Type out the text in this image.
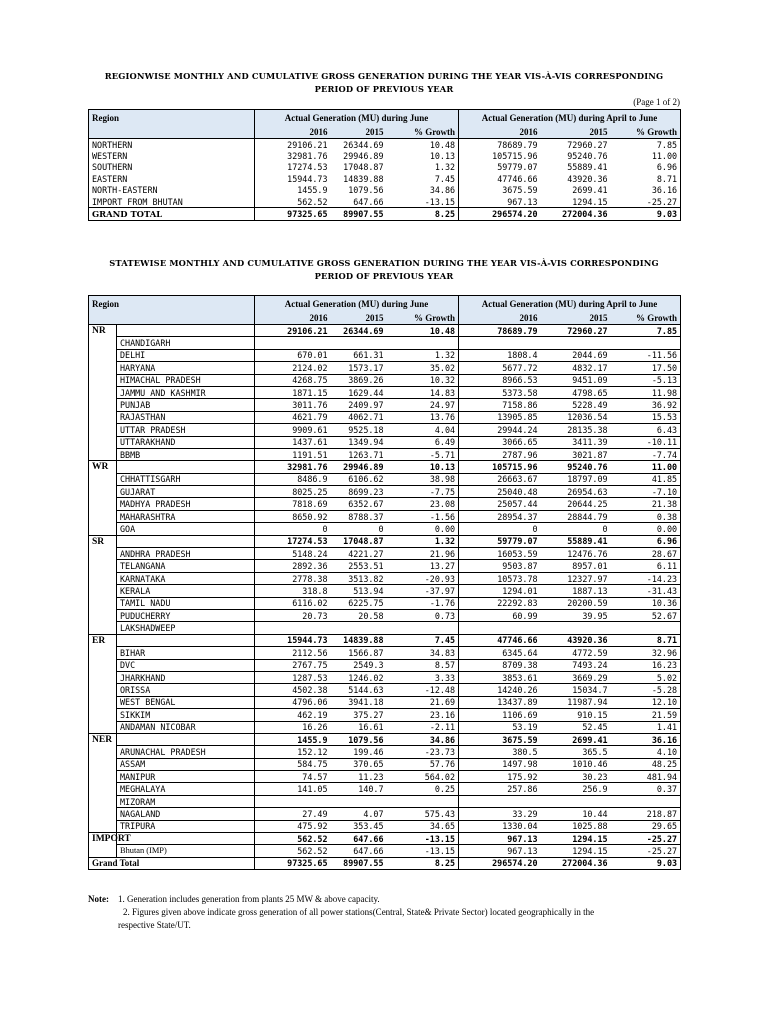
REGIONWISE MONTHLY AND CUMULATIVE GROSS GENERATION DURING THE YEAR VIS-À-VIS CORRESPONDING
PERIOD OF PREVIOUS YEAR
(Page 1 of 2)
Region	Actual Generation (MU) during June			Actual Generation (MU) during April to June		
	2016	2015	% Growth	2016	2015	% Growth
NORTHERN	29106.21	26344.69	10.48	78689.79	72960.27	7.85
WESTERN	32981.76	29946.89	10.13	105715.96	95240.76	11.00
SOUTHERN	17274.53	17048.87	1.32	59779.07	55889.41	6.96
EASTERN	15944.73	14839.88	7.45	47746.66	43920.36	8.71
NORTH-EASTERN	1455.9	1079.56	34.86	3675.59	2699.41	36.16
IMPORT FROM BHUTAN	562.52	647.66	-13.15	967.13	1294.15	-25.27
GRAND TOTAL	97325.65	89907.55	8.25	296574.20	272004.36	9.03
STATEWISE MONTHLY AND CUMULATIVE GROSS GENERATION DURING THE YEAR VIS-À-VIS CORRESPONDING
PERIOD OF PREVIOUS YEAR
Region		Actual Generation (MU) during June			Actual Generation (MU) during April to June		
		2016	2015	% Growth	2016	2015	% Growth
NR		29106.21	26344.69	10.48	78689.79	72960.27	7.85
	CHANDIGARH						
	DELHI	670.01	661.31	1.32	1808.4	2044.69	-11.56
	HARYANA	2124.02	1573.17	35.02	5677.72	4832.17	17.50
	HIMACHAL PRADESH	4268.75	3869.26	10.32	8966.53	9451.09	-5.13
	JAMMU AND KASHMIR	1871.15	1629.44	14.83	5373.58	4798.65	11.98
	PUNJAB	3011.76	2409.97	24.97	7158.86	5228.49	36.92
	RAJASTHAN	4621.79	4062.71	13.76	13905.85	12036.54	15.53
	UTTAR PRADESH	9909.61	9525.18	4.04	29944.24	28135.38	6.43
	UTTARAKHAND	1437.61	1349.94	6.49	3066.65	3411.39	-10.11
	BBMB	1191.51	1263.71	-5.71	2787.96	3021.87	-7.74
WR		32981.76	29946.89	10.13	105715.96	95240.76	11.00
	CHHATTISGARH	8486.9	6106.62	38.98	26663.67	18797.09	41.85
	GUJARAT	8025.25	8699.23	-7.75	25040.48	26954.63	-7.10
	MADHYA PRADESH	7818.69	6352.67	23.08	25057.44	20644.25	21.38
	MAHARASHTRA	8650.92	8788.37	-1.56	28954.37	28844.79	0.38
	GOA	0	0	0.00	0	0	0.00
SR		17274.53	17048.87	1.32	59779.07	55889.41	6.96
	ANDHRA PRADESH	5148.24	4221.27	21.96	16053.59	12476.76	28.67
	TELANGANA	2892.36	2553.51	13.27	9503.87	8957.01	6.11
	KARNATAKA	2778.38	3513.82	-20.93	10573.78	12327.97	-14.23
	KERALA	318.8	513.94	-37.97	1294.01	1887.13	-31.43
	TAMIL NADU	6116.02	6225.75	-1.76	22292.83	20200.59	10.36
	PUDUCHERRY	20.73	20.58	0.73	60.99	39.95	52.67
	LAKSHADWEEP						
ER		15944.73	14839.88	7.45	47746.66	43920.36	8.71
	BIHAR	2112.56	1566.87	34.83	6345.64	4772.59	32.96
	DVC	2767.75	2549.3	8.57	8709.38	7493.24	16.23
	JHARKHAND	1287.53	1246.02	3.33	3853.61	3669.29	5.02
	ORISSA	4502.38	5144.63	-12.48	14240.26	15034.7	-5.28
	WEST BENGAL	4796.06	3941.18	21.69	13437.89	11987.94	12.10
	SIKKIM	462.19	375.27	23.16	1106.69	910.15	21.59
	ANDAMAN NICOBAR	16.26	16.61	-2.11	53.19	52.45	1.41
NER		1455.9	1079.56	34.86	3675.59	2699.41	36.16
	ARUNACHAL PRADESH	152.12	199.46	-23.73	380.5	365.5	4.10
	ASSAM	584.75	370.65	57.76	1497.98	1010.46	48.25
	MANIPUR	74.57	11.23	564.02	175.92	30.23	481.94
	MEGHALAYA	141.05	140.7	0.25	257.86	256.9	0.37
	MIZORAM						
	NAGALAND	27.49	4.07	575.43	33.29	10.44	218.87
	TRIPURA	475.92	353.45	34.65	1330.04	1025.88	29.65
IMPORT		562.52	647.66	-13.15	967.13	1294.15	-25.27
	Bhutan (IMP)	562.52	647.66	-13.15	967.13	1294.15	-25.27
Grand Total		97325.65	89907.55	8.25	296574.20	272004.36	9.03
Note: 1. Generation includes generation from plants 25 MW & above capacity.
2. Figures given above indicate gross generation of all power stations(Central, State& Private Sector) located geographically in the
respective State/UT.
